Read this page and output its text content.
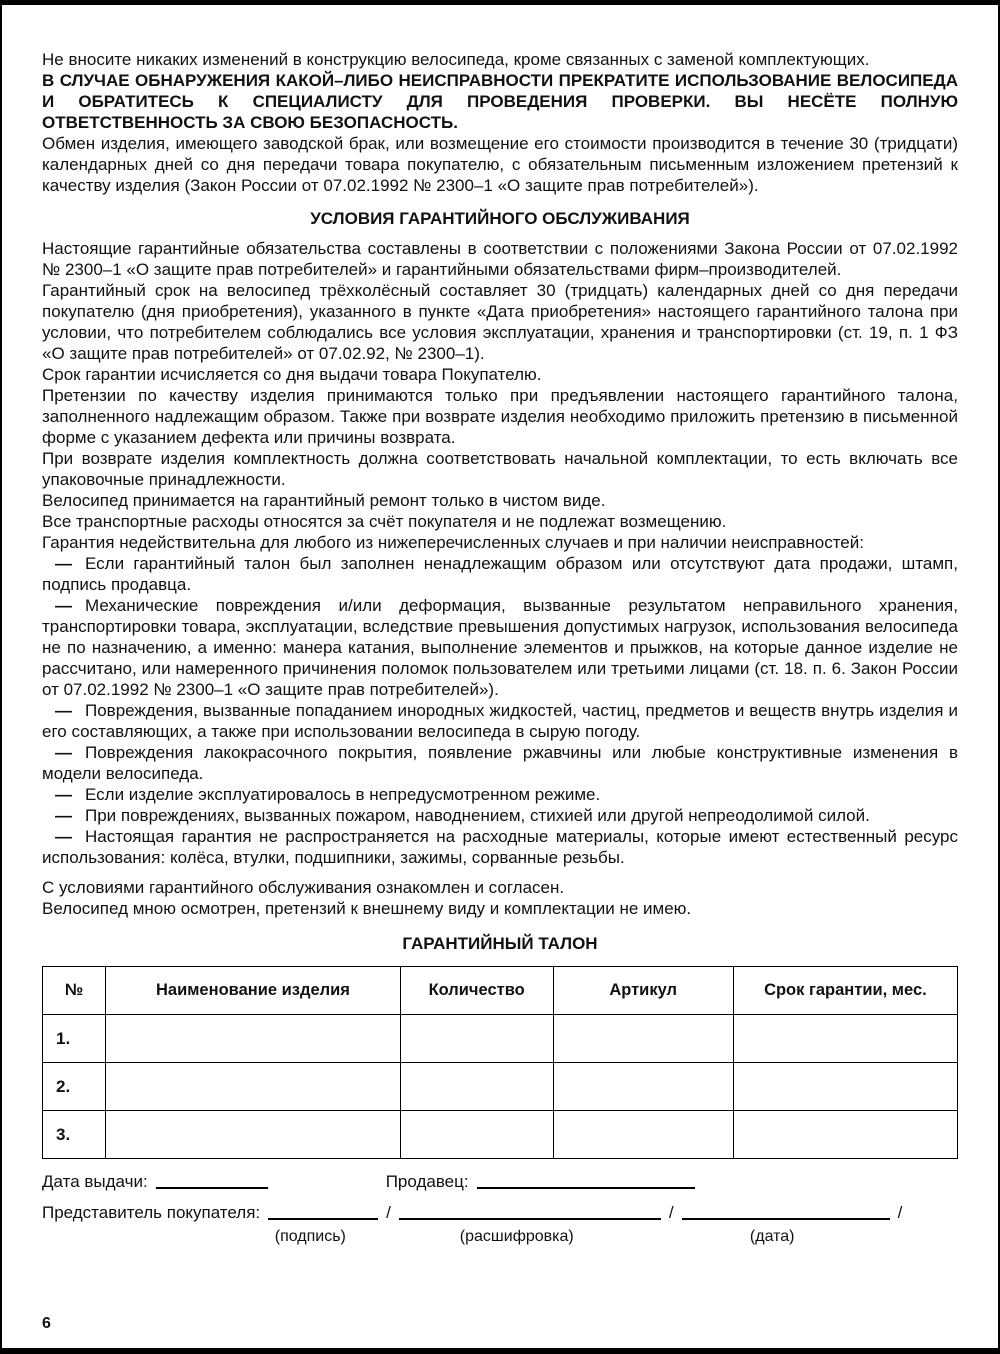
Не вносите никаких изменений в конструкцию велосипеда, кроме связанных с заменой комплектующих.

В СЛУЧАЕ ОБНАРУЖЕНИЯ КАКОЙ–ЛИБО НЕИСПРАВНОСТИ ПРЕКРАТИТЕ ИСПОЛЬЗОВАНИЕ ВЕЛОСИПЕДА И ОБРАТИТЕСЬ К СПЕЦИАЛИСТУ ДЛЯ ПРОВЕДЕНИЯ ПРОВЕРКИ. ВЫ НЕСЁТЕ ПОЛНУЮ ОТВЕТСТВЕННОСТЬ ЗА СВОЮ БЕЗОПАСНОСТЬ.

Обмен изделия, имеющего заводской брак, или возмещение его стоимости производится в течение 30 (тридцати) календарных дней со дня передачи товара покупателю, с обязательным письменным изложением претензий к качеству изделия (Закон России от 07.02.1992 № 2300–1 «О защите прав потребителей»).

УСЛОВИЯ ГАРАНТИЙНОГО ОБСЛУЖИВАНИЯ

Настоящие гарантийные обязательства составлены в соответствии с положениями Закона России от 07.02.1992 № 2300–1 «О защите прав потребителей» и гарантийными обязательствами фирм–производителей.

Гарантийный срок на велосипед трёхколёсный составляет 30 (тридцать) календарных дней со дня передачи покупателю (дня приобретения), указанного в пункте «Дата приобретения» настоящего гарантийного талона при условии, что потребителем соблюдались все условия эксплуатации, хранения и транспортировки (ст. 19, п. 1 ФЗ «О защите прав потребителей» от 07.02.92, № 2300–1).

Срок гарантии исчисляется со дня выдачи товара Покупателю.

Претензии по качеству изделия принимаются только при предъявлении настоящего гарантийного талона, заполненного надлежащим образом. Также при возврате изделия необходимо приложить претензию в письменной форме с указанием дефекта или причины возврата.

При возврате изделия комплектность должна соответствовать начальной комплектации, то есть включать все упаковочные принадлежности.

Велосипед принимается на гарантийный ремонт только в чистом виде.

Все транспортные расходы относятся за счёт покупателя и не подлежат возмещению.

Гарантия недействительна для любого из нижеперечисленных случаев и при наличии неисправностей:

— Если гарантийный талон был заполнен ненадлежащим образом или отсутствуют дата продажи, штамп, подпись продавца.

— Механические повреждения и/или деформация, вызванные результатом неправильного хранения, транспортировки товара, эксплуатации, вследствие превышения допустимых нагрузок, использования велосипеда не по назначению, а именно: манера катания, выполнение элементов и прыжков, на которые данное изделие не рассчитано, или намеренного причинения поломок пользователем или третьими лицами (ст. 18. п. 6. Закон России от 07.02.1992 № 2300–1 «О защите прав потребителей»).

— Повреждения, вызванные попаданием инородных жидкостей, частиц, предметов и веществ внутрь изделия и его составляющих, а также при использовании велосипеда в сырую погоду.

— Повреждения лакокрасочного покрытия, появление ржавчины или любые конструктивные изменения в модели велосипеда.

— Если изделие эксплуатировалось в непредусмотренном режиме.

— При повреждениях, вызванных пожаром, наводнением, стихией или другой непреодолимой силой.

— Настоящая гарантия не распространяется на расходные материалы, которые имеют естественный ресурс использования: колёса, втулки, подшипники, зажимы, сорванные резьбы.

С условиями гарантийного обслуживания ознакомлен и согласен.

Велосипед мною осмотрен, претензий к внешнему виду и комплектации не имею.

ГАРАНТИЙНЫЙ ТАЛОН
№	Наименование изделия	Количество	Артикул	Срок гарантии, мес.
1.				
2.				
3.				
Дата выдачи:	Продавец:
Представитель покупателя:	/	/	/
(подпись)	(расшифровка)	(дата)
6
